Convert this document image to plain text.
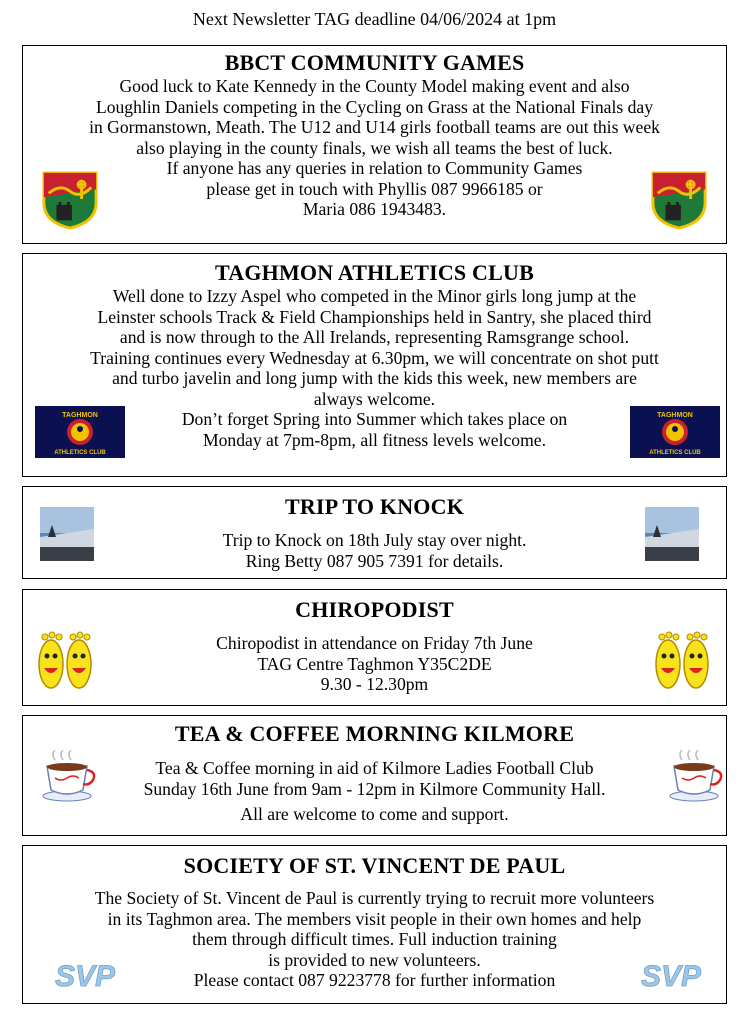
Next Newsletter TAG deadline 04/06/2024 at 1pm
BBCT COMMUNITY GAMES
Good luck to Kate Kennedy in the County Model making event and also
Loughlin Daniels competing in the Cycling on Grass at the National Finals day
in Gormanstown, Meath. The U12 and U14 girls football teams are out this week
also playing in the county finals, we wish all teams the best of luck.
If anyone has any queries in relation to Community Games
please get in touch with Phyllis 087 9966185 or
Maria 086 1943483.
TAGHMON ATHLETICS CLUB
Well done to Izzy Aspel who competed in the Minor girls long jump at the
Leinster schools Track & Field Championships held in Santry, she placed third
and is now through to the All Irelands, representing Ramsgrange school.
Training continues every Wednesday at 6.30pm, we will concentrate on shot putt
and turbo javelin and long jump with the kids this week, new members are
always welcome.
Don’t forget Spring into Summer which takes place on
Monday at 7pm-8pm, all fitness levels welcome.
TAGHMON
ATHLETICS CLUB
TAGHMON
ATHLETICS CLUB
TRIP TO KNOCK
Trip to Knock on 18th July stay over night.
Ring Betty 087 905 7391 for details.
CHIROPODIST
Chiropodist in attendance on Friday 7th June
TAG Centre Taghmon Y35C2DE
9.30 - 12.30pm
TEA & COFFEE MORNING KILMORE
Tea & Coffee morning in aid of Kilmore Ladies Football Club
Sunday 16th June from 9am - 12pm in Kilmore Community Hall.
All are welcome to come and support.
SOCIETY OF ST. VINCENT DE PAUL
The Society of St. Vincent de Paul is currently trying to recruit more volunteers
in its Taghmon area. The members visit people in their own homes and help
them through difficult times. Full induction training
is provided to new volunteers.
Please contact 087 9223778 for further information
SVP	SVP
